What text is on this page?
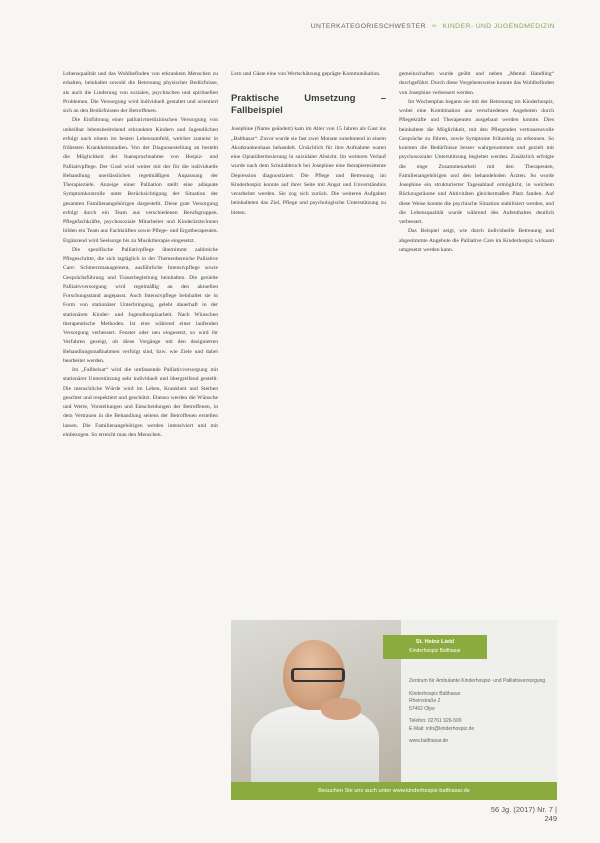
UNTERKATEGORIESCHWESTER ❧ KINDER- UND JUGENDMEDIZIN

Lebensqualität und das Wohlbefinden von erkrankten Menschen zu erhalten, beinhaltet sowohl die Betreuung physischer Bedürfnisse, als auch die Linderung von sozialen, psychischen und spirituellen Problemen. Die Versorgung wird individuell gestaltet und orientiert sich an den Bedürfnissen der Betroffenen.

Die Einführung einer palliativmedizinischen Versorgung von unheilbar lebensbedrohend erkrankten Kindern und Jugendlichen erfolgt nach einem im besten Lebensumfeld, welcher zumeist in frühesten Krankheitsstadien. Von der Diagnosestellung an besteht die Möglichkeit der Inanspruchnahme von Hospiz- und Palliativpflege. Der Grad wird weiter mit der für die individuelle Behandlung unerlässlichen regelmäßigen Anpassung der Therapieziele. Anzeige einer Palliation stellt eine adäquate Symptomkontrolle unter Berücksichtigung der Situation der gesamten Familienangehörigen dargestellt. Diese gute Versorgung erfolgt durch ein Team aus verschiedenen Berufsgruppen. Pflegefachkräfte, psychosoziale Mitarbeiter und Kinderärzte/innen bilden ein Team aus Fachkräften sowie Pflege- und Ergotherapeuten. Ergänzend wird Seelsorge bis zu Musiktherapie eingesetzt.

Die spezifische Palliativpflege übernimmt zahlreiche Pflegeschritte, die sich tagtäglich in der Themenbereiche Palliative Care: Schmerzmanagement, ausführliche Intensivpflege sowie Gesprächsführung und Trauerbegleitung beinhalten. Die gezielte Palliativversorgung wird regelmäßig an den aktuellen Forschungsstand angepasst. Auch Intensivpflege beinhaltet sie in Form von stationärer Unterbringung, gelebt dauerhaft in der stationären Kinder- und Jugendhospizarbeit. Nach Wünschen therapeutische Methoden. Ist eine während einer laufenden Versorgung verbessert. Fenster oder neu eingesetzt, so wird ihr Verfahren gezeigt, ob diese Vorgänge mit den designierten Behandlungsmaßnahmen verfolgt sind, bzw. wie Ziele und dabei bearbeitet werden.

Im „Fallbeisat“ wird die umfassende Palliativversorgung mit stationärer Unterstützung sehr individuell und übergreifend gestellt. Die menschliche Würde wird im Leben, Krankheit und Sterben geachtet und respektiert und geschützt. Ebenso werden die Wünsche und Werte, Vorstellungen und Entscheidungen der Betroffenen, in dem Vertrauen in die Behandlung seitens der Betroffenen erstellen lassen. Die Familienangehörigen werden intensiviert und mit einbezogen. So erreicht man den Menschen.

Lern und Gäste eine von Wertschätzung geprägte Kommunikation.

Praktische Umsetzung – Fallbeispiel

Josephine (Name geändert) kam im Alter von 15 Jahren als Gast ins „Balthasar“. Zuvor wurde sie fast zwei Monate zunehmend in einem Akutkrankenhaus behandelt. Ursächlich für ihre Aufnahme waren eine Opiatüberdosierung in suizidaler Absicht. Im weiteren Verlauf wurde nach dem Schulabbruch bei Josephine eine therapieresistente Depression diagnostiziert. Die Pflege und Betreuung im Kinderhospiz konnte auf ihrer Seite mit Angst und Unverständnis verarbeitet werden. Sie zog sich zurück. Die weiteren Aufgaben beinhalteten das Ziel, Pflege und psychologische Unterstützung zu bieten.

gemeinschaften wurde geübt und neben „Mental Handling“ durchgeführt. Durch diese Vorgehensweise konnte das Wohlbefinden von Josephine verbessert werden.

Im Wochenplan begann sie mit der Betreuung im Kinderhospiz, wobei eine Kombination aus verschiedenen Angeboten durch Pflegekräfte und Therapeuten ausgebaut werden konnte. Dies beinhaltete die Möglichkeit, mit den Pflegenden vertrauensvolle Gespräche zu führen, sowie Symptome frühzeitig zu erkennen. So konnten die Bedürfnisse besser wahrgenommen und gezielt mit psychosozialer Unterstützung begleitet werden. Zusätzlich erfolgte die enge Zusammenarbeit mit den Therapeuten, Familienangehörigen und den behandelnden Ärzten. So wurde Josephine ein strukturierter Tagesablauf ermöglicht, in welchem Rückzugsräume und Aktivitäten gleichermaßen Platz fanden. Auf diese Weise konnte die psychische Situation stabilisiert werden, und die Lebensqualität wurde während des Aufenthaltes deutlich verbessert.

Das Beispiel zeigt, wie durch individuelle Betreuung und abgestimmte Angebote die Palliative Care im Kinderhospiz wirksam umgesetzt werden kann.

St. Heinz Liebl
Kinderhospiz Balthasar
Zentrum für Ambulante Kinderhospiz- und Palliativversorgung
Kinderhospiz Balthasar
Rheinstraße 2
57462 Olpe
Telefon: 02761 926-500
E-Mail: info@kinderhospiz.de
www.balthasar.de
Besuchen Sie uns auch unter www.kinderhospiz-balthasar.de
56 Jg. (2017) Nr. 7 | 249
